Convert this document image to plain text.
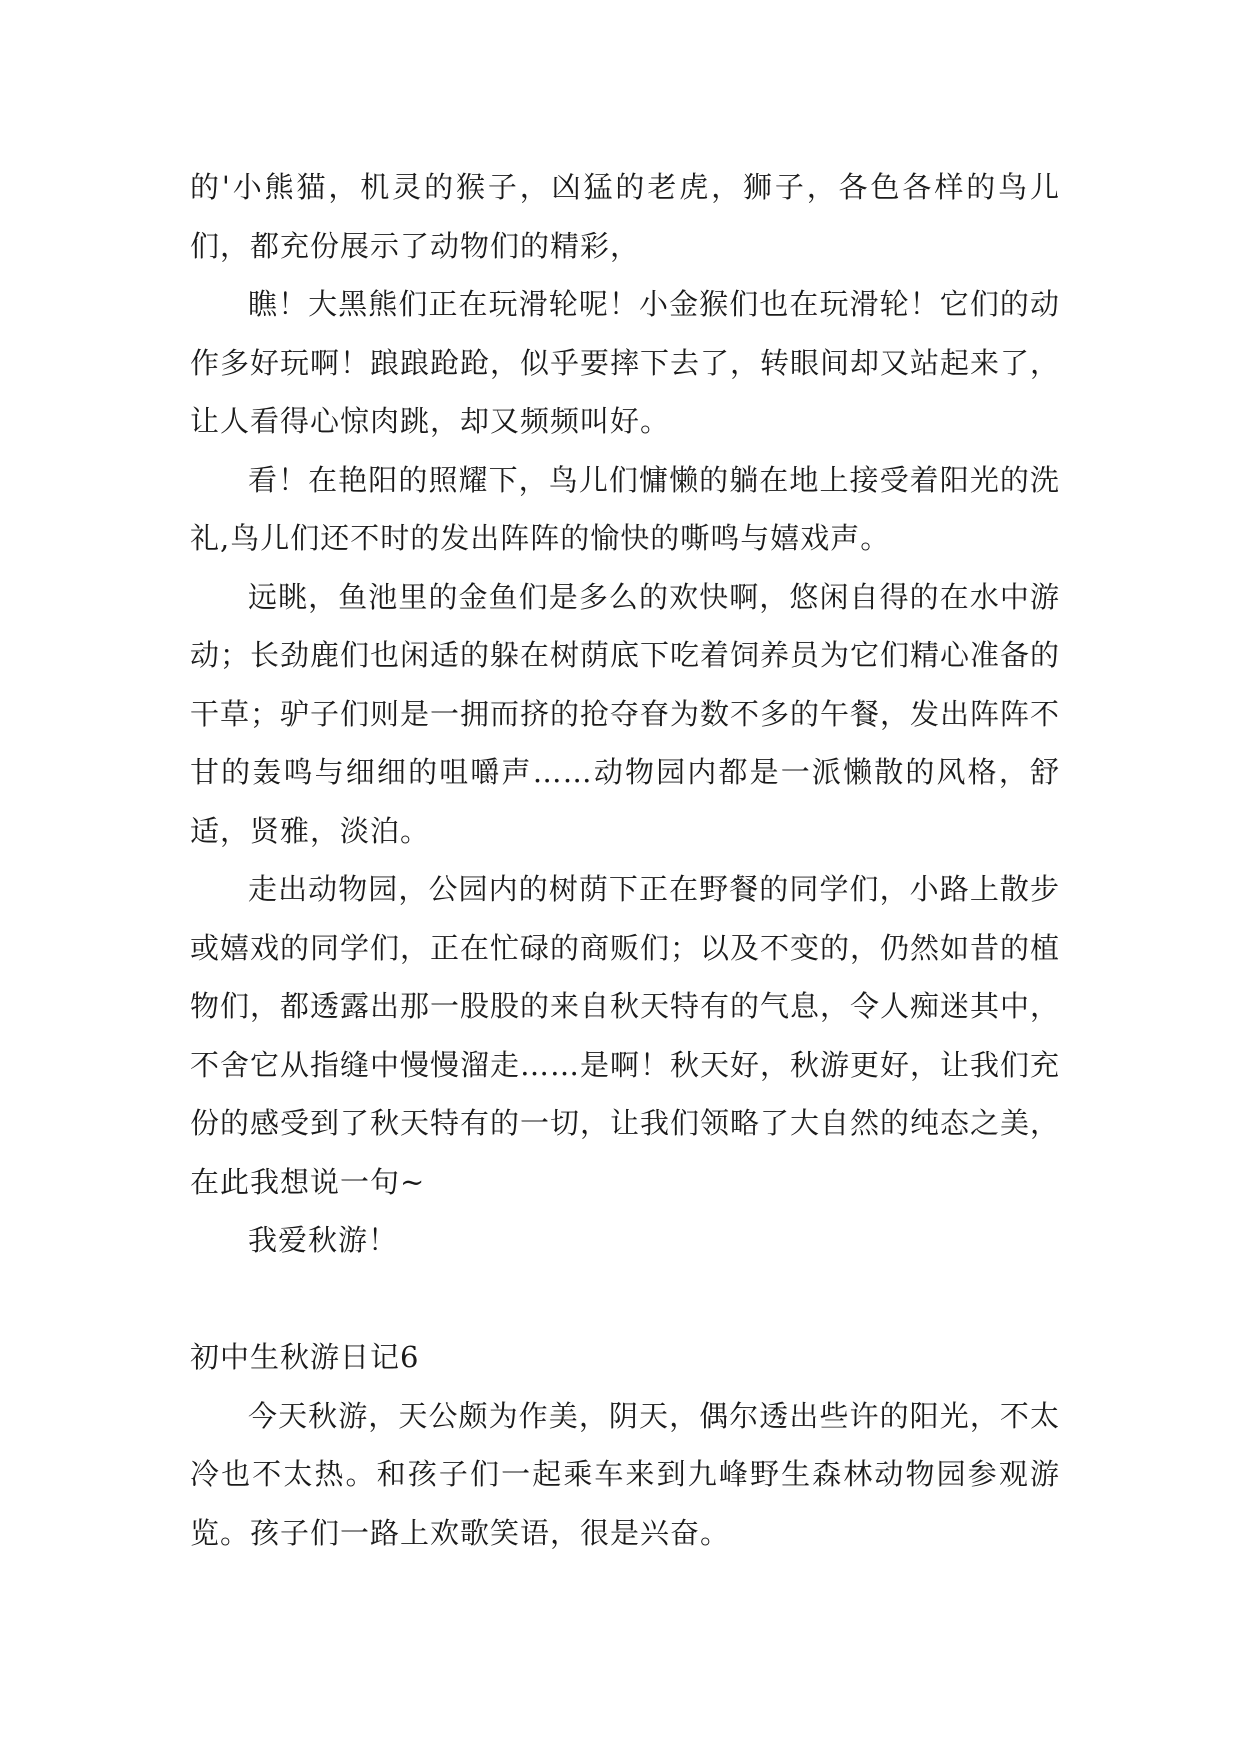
的'小熊猫，机灵的猴子，凶猛的老虎，狮子，各色各样的鸟儿们，都充份展示了动物们的精彩，

瞧！大黑熊们正在玩滑轮呢！小金猴们也在玩滑轮！它们的动作多好玩啊！踉踉跄跄，似乎要摔下去了，转眼间却又站起来了，让人看得心惊肉跳，却又频频叫好。

看！在艳阳的照耀下，鸟儿们慵懒的躺在地上接受着阳光的洗礼,鸟儿们还不时的发出阵阵的愉快的嘶鸣与嬉戏声。

远眺，鱼池里的金鱼们是多么的欢快啊，悠闲自得的在水中游动；长劲鹿们也闲适的躲在树荫底下吃着饲养员为它们精心准备的干草；驴子们则是一拥而挤的抢夺眘为数不多的午餐，发出阵阵不甘的轰鸣与细细的咀嚼声……动物园内都是一派懒散的风格，舒适，贤雅，淡泊。

走出动物园，公园内的树荫下正在野餐的同学们，小路上散步或嬉戏的同学们，正在忙碌的商贩们；以及不变的，仍然如昔的植物们，都透露出那一股股的来自秋天特有的气息，令人痴迷其中，不舍它从指缝中慢慢溜走……是啊！秋天好，秋游更好，让我们充份的感受到了秋天特有的一切，让我们领略了大自然的纯态之美，在此我想说一句~

我爱秋游！

初中生秋游日记6

今天秋游，天公颇为作美，阴天，偶尔透出些许的阳光，不太冷也不太热。和孩子们一起乘车来到九峰野生森林动物园参观游览。孩子们一路上欢歌笑语，很是兴奋。
